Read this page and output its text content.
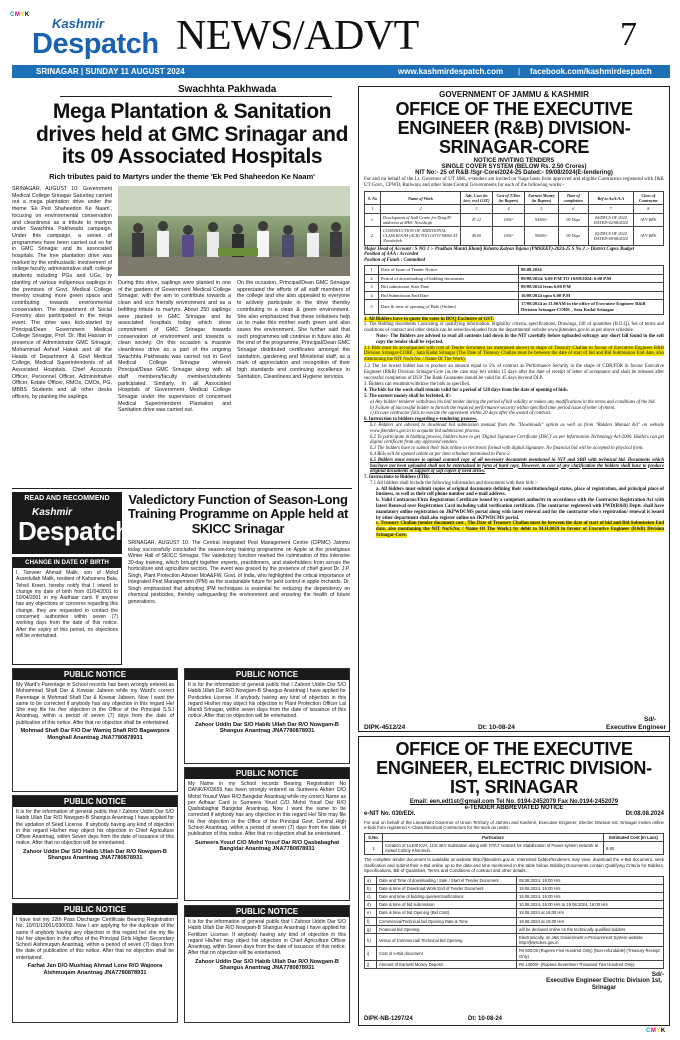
CMYK
Kashmir
Despatch NEWS/ADVT	7
SRINAGAR | SUNDAY 11 AUGUST 2024	www.kashmirdespatch.com | facebook.com/kashmirdespatch
Swachhta Pakhwada
Mega Plantation & Sanitation drives held at GMC Srinagar and its 09 Associated Hospitals
Rich tributes paid to Martyrs under the theme 'Ek Ped Shaheedon Ke Naam'
SRINAGAR, AUGUST 10: Government Medical College Srinagar Saturday carried out a mega plantation drive under the theme 'Ek Ped Shaheedon Ke Naam', focusing on environmental conservation and cleanliness as a tribute to martyrs under Swachhta Pakhwada campaign. Under this campaign, a series of programmes have been carried out so far in GMC Srinagar and its associated hospitals. The tree plantation drive was marked by the enthusiastic involvement of college faculty, administrative staff, college students including PGs and UGs, by planting of various indigenous saplings in the premises of Govt. Medical College thereby creating more green space and contributing towards environmental conservation. The department of Social Forestry also participated in the mega event. The drive was kick-started by Principal/Dean Government Medical College Srinagar, Prof. Dr. Iffat Hassan in presence of Administrator GMC Srinagar, Mohammad Ashraf Hakak and all the Heads of Department & Govt Medical College, Medical Superintendents of all Associated Hospitals, Chief Accounts Officer, Personnel Officer, Administrative Officer, Estate Officer, RMOs, CMOs, PG, MBBS Students and all other desks officers, by planting the saplings.
During this drive, saplings were planted in one of the gardens of Government Medical College Srinagar, with the aim to contribute towards a clean and eco friendly environment and as a befitting tribute to martyrs. About 250 saplings were planted in GMC Srinagar and its associated hospitals today which show commitment of GMC Srinagar towards conservation of environment and towards a clean society. On this occasion a massive cleanliness drive as a part of the ongoing Swachhta Pakhwada was carried out in Govt Medical College Srinagar wherein Principal/Dean GMC Srinagar along with all staff members/faculty members/students participated. Similarly, in all Associated Hospitals of Government Medical College Srinagar under the supervision of concerned Medical Superintendent Plantation and Sanitation drive was carried out.
On the occasion, Principal/Dean GMC Srinagar appreciated the efforts of all staff members of the college and she also appealed to everyone to actively participate in the drive thereby contributing to a clean & green environment. She also emphasized that these initiatives help us to make this mother earth green and also saves the environment. She further said that such programmes will continue in future also. At the end of the programme, Principal/Dean GMC Srinagar distributed certificates amongst the sanitation, gardening and Ministerial staff, as a mark of appreciation and recognition of their high standards and continuing excellence in Sanitation, Cleanliness and Hygiene services.
READ AND RECOMMEND
Kashmir
Despatch
CHANGE IN DATE OF BIRTH
I, Tanveer Ahmad Malik, son of Mohd Assedullah Malik, resident of Kahamera Bala, Tehsil Kreeri, hereby notify that I intend to change my date of birth from 01/04/2001 to 10/04/2001 in my Aadhaar card. If anyone has any objections or concerns regarding this change, they are requested to contact the concerned authorities within seven (7) working days from the date of this notice. After the expiry of this period, no objections will be entertained.
Valedictory Function of Season-Long Training Programme on Apple held at SKICC Srinagar
SRINAGAR, AUGUST 10: The Central Integrated Pest Management Centre (CIPMC) Jammu today successfully concluded the season-long training programme on Apple at the prestigious Winter Hall of SKICC Srinagar. The valedictory function marked the culmination of this intensive 30-day training, which brought together experts, practitioners, and stakeholders from across the horticulture and agriculture sectors. The event was graced by the presence of chief guest Dr. J.P. Singh, Plant Protection Adviser MoA&FW, Govt. of India, who highlighted the critical importance of Integrated Pest Management (IPM) as the sustainable future for pest control in apple orchards. Dr. Singh emphasized that adopting IPM techniques is essential for reducing the dependency on chemical pesticides, thereby safeguarding the environment and ensuring the health of future generations.
PUBLIC NOTICE
My Ward's Parentage in School records has been wrongly entered as Mohammad Shafi Dar & Kowsar Jabeen while my Ward's correct Parentage is Mohmad Shafi Dar & Kowsar Jabeen. Now I want the same to be corrected if anybody has any objection in this regard He/ She may file his /her objection in the Office of the Principal S.S.I Anantnag, within a period of seven (7) days from the date of publication of this notice. After that no objection shall be entertained.
Mohmad Shafi Dar F/O Dar Wamiq Shafi R/O Bagawpora Monghall Anantnag JNA7780878931
PUBLIC NOTICE
It is for the information of general public that I Zahoor Uddin Dar S/O Habib Ullah Dar R/O Nowgam-B Shangus Anantnag I have applied for Pesticides License. If anybody having any kind of objection in this regard His/her may object his objection in Plant Protection Officer Lal Mandi Srinagar, within seven days from the date of issuance of this notice. After that no objection will be entertained.
Zahoor Uddin Dar S/O Habib Ullah Dar R/O Nowgam-B Shangus Anantnag JNA7780878931
PUBLIC NOTICE
It is for the information of general public that I Zahoor Uddin Dar S/O Habib Ullah Dar R/O Nowgam-B Shangus Anantnag I have applied for the updation of Seed License. If anybody having any kind of objection in this regard His/her may object his objection in Chief Agriculture Officer Anantnag, within Seven days from the date of issuance of this notice. After that no objection will be entertained.
Zahoor Uddin Dar S/O Habib Ullah Dar R/O Nowgam-B Shangus Anantnag JNA7780878931
PUBLIC NOTICE
My Name in my School records Bearing Registration No DANK/F/03659 has been wrongly entered as Sumeera Akhter D/O Mohd Yousuf Wani R/O Bangidar Anantnag while my correct Name as per Adhaar Card is Sumeera Yousf C/O Mohd Yousf Dar R/O Qasbabaghat Bangidar Anantnag. Now I want the same to be corrected if anybody has any objection in this regard He/ She may file his /her objection in the Office of the Principal Govt. Central High School Anantnag, within a period of seven (7) days from the date of publication of this notice. After that no objection shall be entertained.
Sumeera Yosuf C/O Mohd Yosuf Dar R/O Qasbabaghat Bangidar Anantnag JNA7780878931
PUBLIC NOTICE
I have lost my 12th Pass Discharge Certificate Bearing Registration No. 10/01/13001/030003. Now I am applying for the duplicate of the same if anybody having any objection in this regard he/ she my file his/ her objection in the office of the Principal Girls Higher Secondary School Aishmuqam Anantnag, within a period of seven (7) days from the date of publication of this notice. After that no objection shall be entertained.
Farhat Jan D/O Mushtaq Ahmad Lone R/O Wajoora Aishmuqam Anantnag JNA7780878931
PUBLIC NOTICE
It is for the information of general public that I Zahoor Uddin Dar S/O Habib Ullah Dar R/O Nowgam-B Shangus Anantnag I have applied for Fertilizer License. If anybody having any kind of objection in this regard His/her may object his objection in Chief Agriculture Officer Anantnag, within Seven days from the date of issuance of this notice. After that no objection will be entertained.
Zahoor Uddin Dar S/O Habib Ullah Dar R/O Nowgam-B Shangus Anantnag JNA7780878931
GOVERNMENT OF JAMMU & KASHMIR
OFFICE OF THE EXECUTIVE ENGINEER (R&B) DIVISION-SRINAGAR-CORE
NOTICE INVITING TENDERS
SINGLE COVER SYSTEM (BELOW Rs. 2.50 Crores)
NIT No:- 25 of R&B /Sgr-Core/2024-25 Dated:- 09/08/2024(E-tendering)
For and on behalf of the Lt. Governor of UT J&K, e-tenders are invited on %age basis from approved and eligible Contractors registered with J&K UT Govt., CPWD, Railways and other State/Central Governments for each of the following works:-
S. No	Name of Work	Adv. Cost (in lacs, excl GST)	Cost of T/Doc (in Rupees)	Earnest Money (in Rupees)	Time of completion	Ref to AoA/A.A	Class of Contractor
1	2	3	4	5	6	7	8
1.	Development of Stall Centre for Drug/IV addiction at MHC Nowshegh	47.12	1100/-	94300/-	90 Days	04/DECS OF 2024 DATED-02/08/2024	AVV BEE
2.	CONSTRUCTION OF ADDITIONAL CLASS ROOM (ACR) TOO GOVT BHSS AT Nowshehrh	48.00	1100/-	96000/-	90 Days	05/DECS OF 2024 DATED-09/08/2024	AVV BEE
Major Head of Account : S NO 1 :- Pradhan Mantri Khanij Kshetra Kalyan Yojana (PMKKKY)-2024-25 S No 2 :- District Capex Budget
Position of AAA : Accorded
Position of Funds : Committed
1	Date of Issue of Tender Notice	09.08.2024
2	Period of downloading of bidding documents	09/08/2024: 6.00 P.M TO 16/08/2024: 6.00 P.M
3	Bid submission Start Date	09/08/2024 from 6.00 P.M
4	Bid Submission End Date	16/08/2024 upto 6.00 P.M
5	Date & time of opening of Bids (Online)	17/08/2024 at 11.00AM in the office of Executive Engineer R&B Division Srinagar-CORE , Sata Kadal Srinagar
1. All Bidders have to quote the rates in BOQ Exclusive of GST.
2. The Bidding documents Consisting of qualifying information, eligibility criteria, specifications, Drawings, bill of quantities (B.O.Q), Set of terms and conditions of contract and other details can be seen/downloaded from the departmental website www.jktenders.gov.in as per above schedule.
Note:- The Bidders are advised to read all contents laid down in the NIT carefully before uploaded softcopy any short fall found in the soft copy the tender shall be rejected.
2.1 Bids must be accompanied with cost of Tender document (as mentioned above) in shape of Treasury Challan in favour of Executive Engineer R&B Division Srinagar-CORE , Sata Kadal Srinagar (The Date of Treasury Challan must be between the date of start of bid and Bid Submission End date, also mentioning the NIT No/S.No. / Name Of The Work).
2.2 The 1st lowest bidder has to produce an amount equal to 5% of contract as Performance Security in the shape of CDR/FDR in favour Executive Engineer (R&B) Division Srinagar-Core (as the case may be) within 15 days after the date of receipt of letter of acceptance and shall be released after successful completion of DLP. The Bank Guarantee should be valid for 45 days beyond DLP.
3. Bidders can resubmit/withdraw the bids as specified.
4. The bids for the work shall remain valid for a period of 120 days from the date of opening of bids.
5. The earnest money shall be forfeited, if:-
a) Any bidder/ tenderer withdraws his bid/ tender during the period of bid validity or makes any modifications in the terms and conditions of the bid.
b) Failure of Successful bidder to furnish the required performance security within specified time period issue of letter of intent.
c) In case contractor fails to execute the agreement within 20 days after the award of contract.
6. Instruction to bidders regarding e-tendering process.
6.1 Bidders are advised to download bid submission manual from the "Downloads" option as well as from "Bidders Manual Kit" on website www.jktenders.gov.in to acquaint bid submission process.
6.2 To participate in bidding process, bidders have to get 'Digital Signature Certificate (DSC)' as per Information Technology Act-2000. Bidders can get digital certificate from any approved vendors.
6.3 The bidders have to submit their bids online in electronic format with digital Signature. No financial bid will be accepted in physical form.
6.4 Bids will be opened online as per time schedule mentioned in Para-2.
6.5 Bidders must ensure to upload scanned copy of all necessary documents mentioned in NIT and SBD with technical bid. Documents which has/have not been uploaded shall not be entertained in form of hard copy. However, in case of any clarification the bidders shall have to produce original documents in support of soft copies if need arises.
7. Instructions to Bidders (ITB).
7.1 All bidders shall include the following information and documents with their bids :-
a. All bidders must submit copies of original documents defining their constitution/legal status, place of registration, and principal place of business, as well as their cell phone number and e-mail address.
b. Valid Contractor/Firm Registration Certificate issued by a competent authority in accordance with the Contractor Registration Act with latest Renewal over Registration Card including valid verification certificate. (The contractor registered with PWD(R&B) Deptt. shall have mandatory online registration on JKPWDCMS portal along with latest renewal and for the contractor who's registration/ renewal is issued by other department shall also register online on JKPWDCMS portal.
c. Treasury Challan (tender document cost , The Date of Treasury Challan must be between the date of start of bid and Bid Submission End date, also mentioning the NIT No/S.No. / Name Of The Work.) by debit to M.H.0059 in favour of Executive Engineer (R&B) Division Srinagar-Core.
Sd/-
DIPK-4512/24	Dt: 10-08-24	Executive Engineer
OFFICE OF THE EXECUTIVE ENGINEER, ELECTRIC DIVISION- IST, SRINAGAR
Email: een.edl1st@gmail.com Tel No. 0194-2452079 Fax No.0194-2452079
e-TENDER ABBREVIATED NOTICE
e-NIT No. 030/EDI.	Dt:08.08.2024
For and on behalf of the Lieutenant Governor of Union Territory of Jammu and Kashmir, Executive Engineer, Electric Division-1st, Srinagar invites online e-bids from registered A-Class Electrical Contractors for the work as under:
S.No.	Particulars	Estimated Cost (In Lacs)
1	Creation of 1x100 KVA, 11/0.4KV Substation along with HT/LT network for Stabilization of Power system network at Awtad Colony Khonmuh.	6.50
The complete tender document is available at website http://jktenders.gov.in. Interested bidder/tenderers may view, download the e-Bid document, seek clarification and submit their e-Bid online up to the date and time mentioned in the table below. Bidding Documents contain Qualifying Criteria for Bidders, Specifications, Bill of Quantities, Terms and Conditions of contract and other details.
a)	Date and Time of downloading / Sale / Start of Tender Document	08.08.2024, 16:00 Hrs
b)	Date & time of Download Work End of Tender Document	19.08.2024, 16:00 Hrs
c)	Date and time of bidding queries/clarifications	19.08.2024, 16:00 Hrs
d)	Date & time of bid submission	10.08.2024, 16:00 Hrs to 19.08.2024, 16:00 Hrs
e)	Date & time of bid Opening (Bid Cost)	19.08.2024 at 16:00 Hrs
f)	Commercial/Technical bid Opening Date & Time	19.08.2024 at 16:00 Hrs
g)	Financial bid Opening	will be declared online on the technically qualified bidders
h)	Venue of Commercial/ Technical bid Opening	Electronically, on J&K Government e-Procurement System website http://jktenders.gov.in
i)	Cost of e-Bid document	Rs 500.00 (Rupees Five Hundred Only) (Non-refundable) (Treasury Receipt Only)
j)	Amount of Earnest Money Deposit	Rs 13000/- (Rupees Seventeen Thousand Two Hundred Only)
Sd/-
Executive Engineer Electric Division 1st, Srinagar
DIPK-NB-1297/24	Dt: 10-08-24
CMYK
